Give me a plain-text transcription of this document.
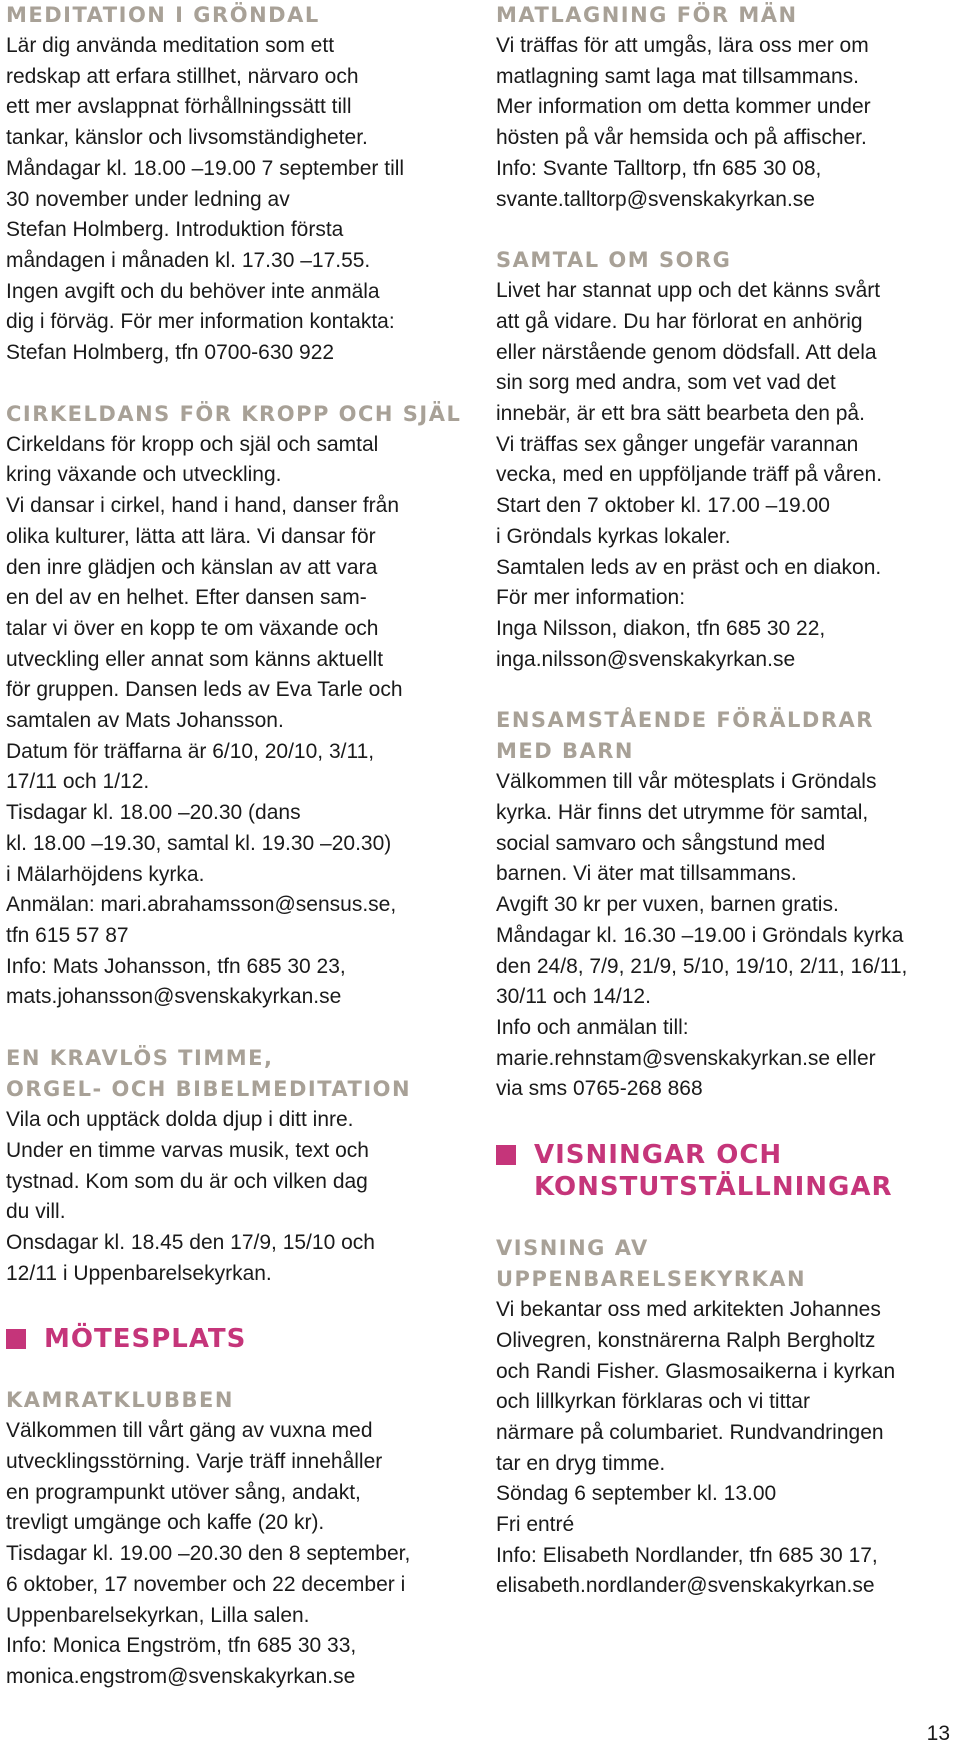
MEDITATION I GRÖNDAL

Lär dig använda meditation som ett
redskap att erfara stillhet, närvaro och
ett mer avslappnat förhållningssätt till
tankar, känslor och livsomständigheter.
Måndagar kl. 18.00 –19.00 7 september till
30 november under ledning av
Stefan Holmberg. Introduktion första
måndagen i månaden kl. 17.30 –17.55.
Ingen avgift och du behöver inte anmäla
dig i förväg. För mer information kontakta:
Stefan Holmberg, tfn 0700-630 922

CIRKELDANS FÖR KROPP OCH SJÄL

Cirkeldans för kropp och själ och samtal
kring växande och utveckling.
Vi dansar i cirkel, hand i hand, danser från
olika kulturer, lätta att lära. Vi dansar för
den inre glädjen och känslan av att vara
en del av en helhet. Efter dansen sam-
talar vi över en kopp te om växande och
utveckling eller annat som känns aktuellt
för gruppen. Dansen leds av Eva Tarle och
samtalen av Mats Johansson.
Datum för träffarna är 6/10, 20/10, 3/11,
17/11 och 1/12.
Tisdagar kl. 18.00 –20.30 (dans
kl. 18.00 –19.30, samtal kl. 19.30 –20.30)
i Mälarhöjdens kyrka.
Anmälan: mari.abrahamsson@sensus.se,
tfn 615 57 87
Info: Mats Johansson, tfn 685 30 23,
mats.johansson@svenskakyrkan.se

EN KRAVLÖS TIMME,
ORGEL- OCH BIBELMEDITATION

Vila och upptäck dolda djup i ditt inre.
Under en timme varvas musik, text och
tystnad. Kom som du är och vilken dag
du vill.
Onsdagar kl. 18.45 den 17/9, 15/10 och
12/11 i Uppenbarelsekyrkan.

MÖTESPLATS
KAMRATKLUBBEN

Välkommen till vårt gäng av vuxna med
utvecklingsstörning. Varje träff innehåller
en programpunkt utöver sång, andakt,
trevligt umgänge och kaffe (20 kr).
Tisdagar kl. 19.00 –20.30 den 8 september,
6 oktober, 17 november och 22 december i
Uppenbarelsekyrkan, Lilla salen.
Info: Monica Engström, tfn 685 30 33,
monica.engstrom@svenskakyrkan.se

MATLAGNING FÖR MÄN

Vi träffas för att umgås, lära oss mer om
matlagning samt laga mat tillsammans.
Mer information om detta kommer under
hösten på vår hemsida och på affischer.
Info: Svante Talltorp, tfn 685 30 08,
svante.talltorp@svenskakyrkan.se

SAMTAL OM SORG

Livet har stannat upp och det känns svårt
att gå vidare. Du har förlorat en anhörig
eller närstående genom dödsfall. Att dela
sin sorg med andra, som vet vad det
innebär, är ett bra sätt bearbeta den på.
Vi träffas sex gånger ungefär varannan
vecka, med en uppföljande träff på våren.
Start den 7 oktober kl. 17.00 –19.00
i Gröndals kyrkas lokaler.
Samtalen leds av en präst och en diakon.
För mer information:
Inga Nilsson, diakon, tfn 685 30 22,
inga.nilsson@svenskakyrkan.se

ENSAMSTÅENDE FÖRÄLDRAR
MED BARN

Välkommen till vår mötesplats i Gröndals
kyrka. Här finns det utrymme för samtal,
social samvaro och sångstund med
barnen. Vi äter mat tillsammans.
Avgift 30 kr per vuxen, barnen gratis.
Måndagar kl. 16.30 –19.00 i Gröndals kyrka
den 24/8, 7/9, 21/9, 5/10, 19/10, 2/11, 16/11,
30/11 och 14/12.
Info och anmälan till:
marie.rehnstam@svenskakyrkan.se eller
via sms 0765-268 868

VISNINGAR OCH
KONSTUTSTÄLLNINGAR
VISNING AV UPPENBARELSEKYRKAN

Vi bekantar oss med arkitekten Johannes
Olivegren, konstnärerna Ralph Bergholtz
och Randi Fisher. Glasmosaikerna i kyrkan
och lillkyrkan förklaras och vi tittar
närmare på columbariet. Rundvandringen
tar en dryg timme.
Söndag 6 september kl. 13.00
Fri entré
Info: Elisabeth Nordlander, tfn 685 30 17,
elisabeth.nordlander@svenskakyrkan.se

13
